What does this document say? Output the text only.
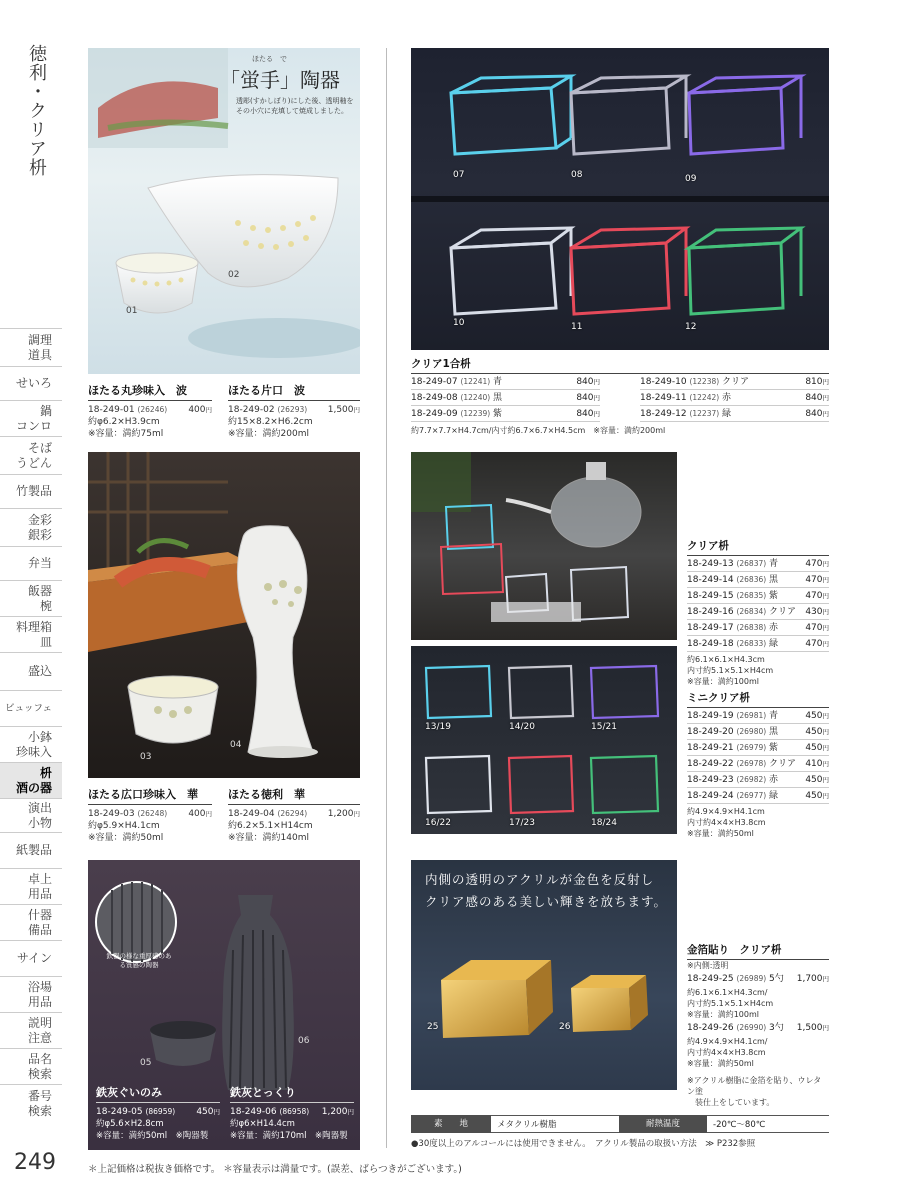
徳利・クリア枡
調理
道具
せいろ
鍋
コンロ
そば
うどん
竹製品
金彩
銀彩
弁当
飯器
椀
料理箱
皿
盛込
ビュッフェ
小鉢
珍味入
枡
酒の器
演出
小物
紙製品
卓上
用品
什器
備品
サイン
浴場
用品
説明
注意
品名
検索
番号
検索
249	＊上記価格は税抜き価格です。 ＊容量表示は満量です。(誤差、ばらつきがございます。)
ほたる　で
「蛍手」陶器
透彫(すかしぼり)にした後、透明釉をその小穴に充填して焼成しました。
01
02
ほたる丸珍味入　波
18-249-01 (26246) 400円
約φ6.2×H3.9cm
※容量：満約75ml
ほたる片口　波
18-249-02 (26293) 1,500円
約15×8.2×H6.2cm
※容量：満約200ml
03
04
ほたる広口珍味入　華
18-249-03 (26248) 400円
約φ5.9×H4.1cm
※容量：満約50ml
ほたる徳利　華
18-249-04 (26294) 1,200円
約6.2×5.1×H14cm
※容量：満約140ml
鉄器の様な重厚感のある質感の陶器
05
06
鉄灰ぐいのみ
18-249-05 (86959) 450円
約φ5.6×H2.8cm
※容量：満約50ml　※陶器製
鉄灰とっくり
18-249-06 (86958) 1,200円
約φ6×H14.4cm
※容量：満約170ml　※陶器製
07	08	09
10	11	12
クリア1合枡
18-249-07 (12241) 青	840円
18-249-08 (12240) 黒	840円
18-249-09 (12239) 紫	840円
18-249-10 (12238) クリア	810円
18-249-11 (12242) 赤	840円
18-249-12 (12237) 緑	840円
約7.7×7.7×H4.7cm/内寸約6.7×6.7×H4.5cm　※容量：満約200ml
13/19	14/20	15/21
16/22	17/23	18/24
クリア枡
18-249-13 (26837) 青	470円
18-249-14 (26836) 黒	470円
18-249-15 (26835) 紫	470円
18-249-16 (26834) クリア 430円
18-249-17 (26838) 赤	470円
18-249-18 (26833) 緑	470円
約6.1×6.1×H4.3cm
内寸約5.1×5.1×H4cm
※容量：満約100ml
ミニクリア枡
18-249-19 (26981) 青	450円
18-249-20 (26980) 黒	450円
18-249-21 (26979) 紫	450円
18-249-22 (26978) クリア 410円
18-249-23 (26982) 赤	450円
18-249-24 (26977) 緑	450円
約4.9×4.9×H4.1cm
内寸約4×4×H3.8cm
※容量：満約50ml
内側の透明のアクリルが金色を反射し
クリア感のある美しい輝きを放ちます。
25	26
金箔貼り　クリア枡
※内側:透明
18-249-25 (26989) 5勺 1,700円
約6.1×6.1×H4.3cm/
内寸約5.1×5.1×H4cm
※容量：満約100ml
18-249-26 (26990) 3勺 1,500円
約4.9×4.9×H4.1cm/
内寸約4×4×H3.8cm
※容量：満約50ml
※アクリル樹脂に金箔を貼り、ウレタン塗
装仕上をしています。
素　　地	メタクリル樹脂	耐熱温度	-20℃〜80℃
●30度以上のアルコールには使用できません。　アクリル製品の取扱い方法　≫ P232参照
